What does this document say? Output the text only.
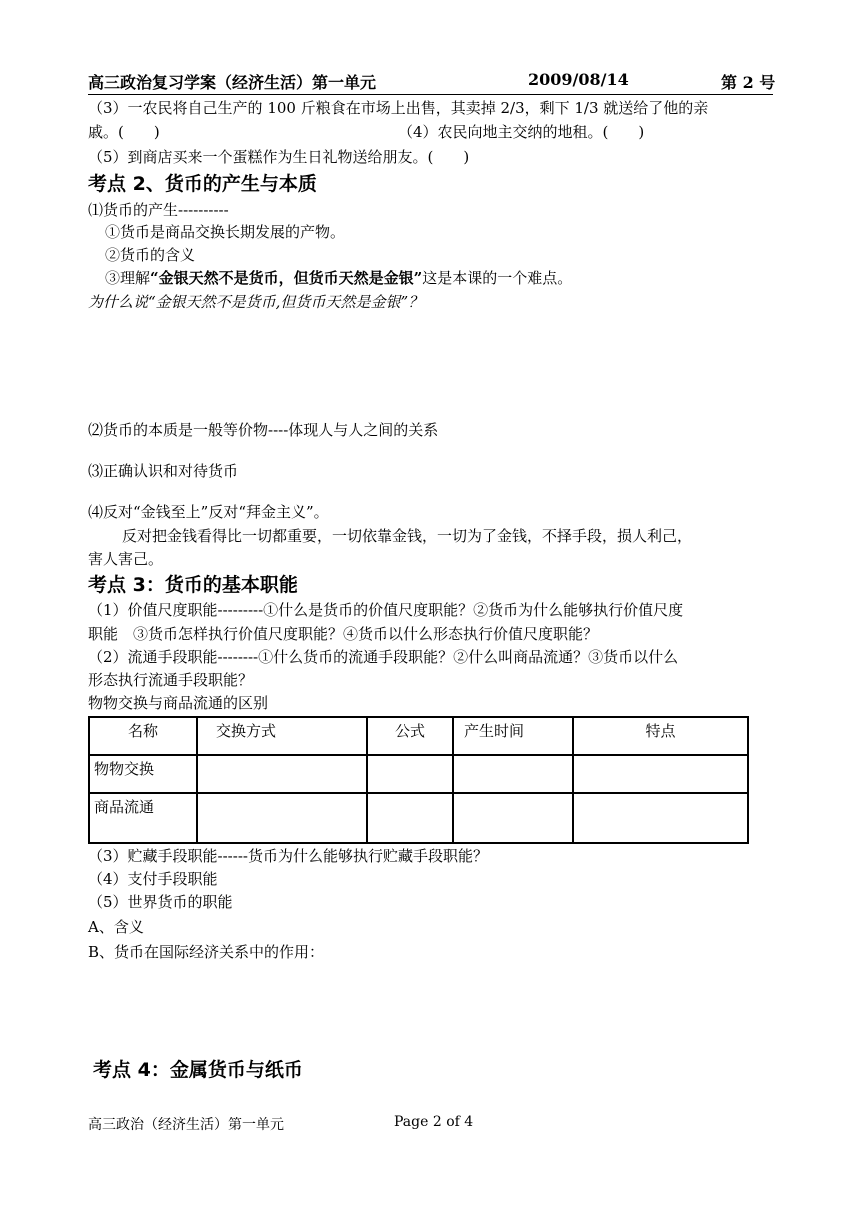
高三政治复习学案（经济生活）第一单元	2009/08/14	第 2 号
（3）一农民将自己生产的 100 斤粮食在市场上出售，其卖掉 2/3，剩下 1/3 就送给了他的亲
戚。(　　)	（4）农民向地主交纳的地租。(　　)
（5）到商店买来一个蛋糕作为生日礼物送给朋友。(　　)
考点 2、货币的产生与本质
⑴货币的产生----------
①货币是商品交换长期发展的产物。
②货币的含义
③理解“金银天然不是货币，但货币天然是金银”这是本课的一个难点。
为什么说“金银天然不是货币,但货币天然是金银”？
⑵货币的本质是一般等价物----体现人与人之间的关系
⑶正确认识和对待货币
⑷反对“金钱至上”反对“拜金主义”。
反对把金钱看得比一切都重要，一切依靠金钱，一切为了金钱，不择手段，损人利己，
害人害己。
考点 3：货币的基本职能
（1）价值尺度职能---------①什么是货币的价值尺度职能？②货币为什么能够执行价值尺度
职能　③货币怎样执行价值尺度职能？④货币以什么形态执行价值尺度职能？
（2）流通手段职能--------①什么货币的流通手段职能？②什么叫商品流通？③货币以什么
形态执行流通手段职能？
物物交换与商品流通的区别
名称	交换方式	公式	产生时间	特点
物物交换				
商品流通				
（3）贮藏手段职能------货币为什么能够执行贮藏手段职能？
（4）支付手段职能
（5）世界货币的职能
A、含义
B、货币在国际经济关系中的作用：
考点 4：金属货币与纸币
高三政治（经济生活）第一单元	Page 2 of 4
